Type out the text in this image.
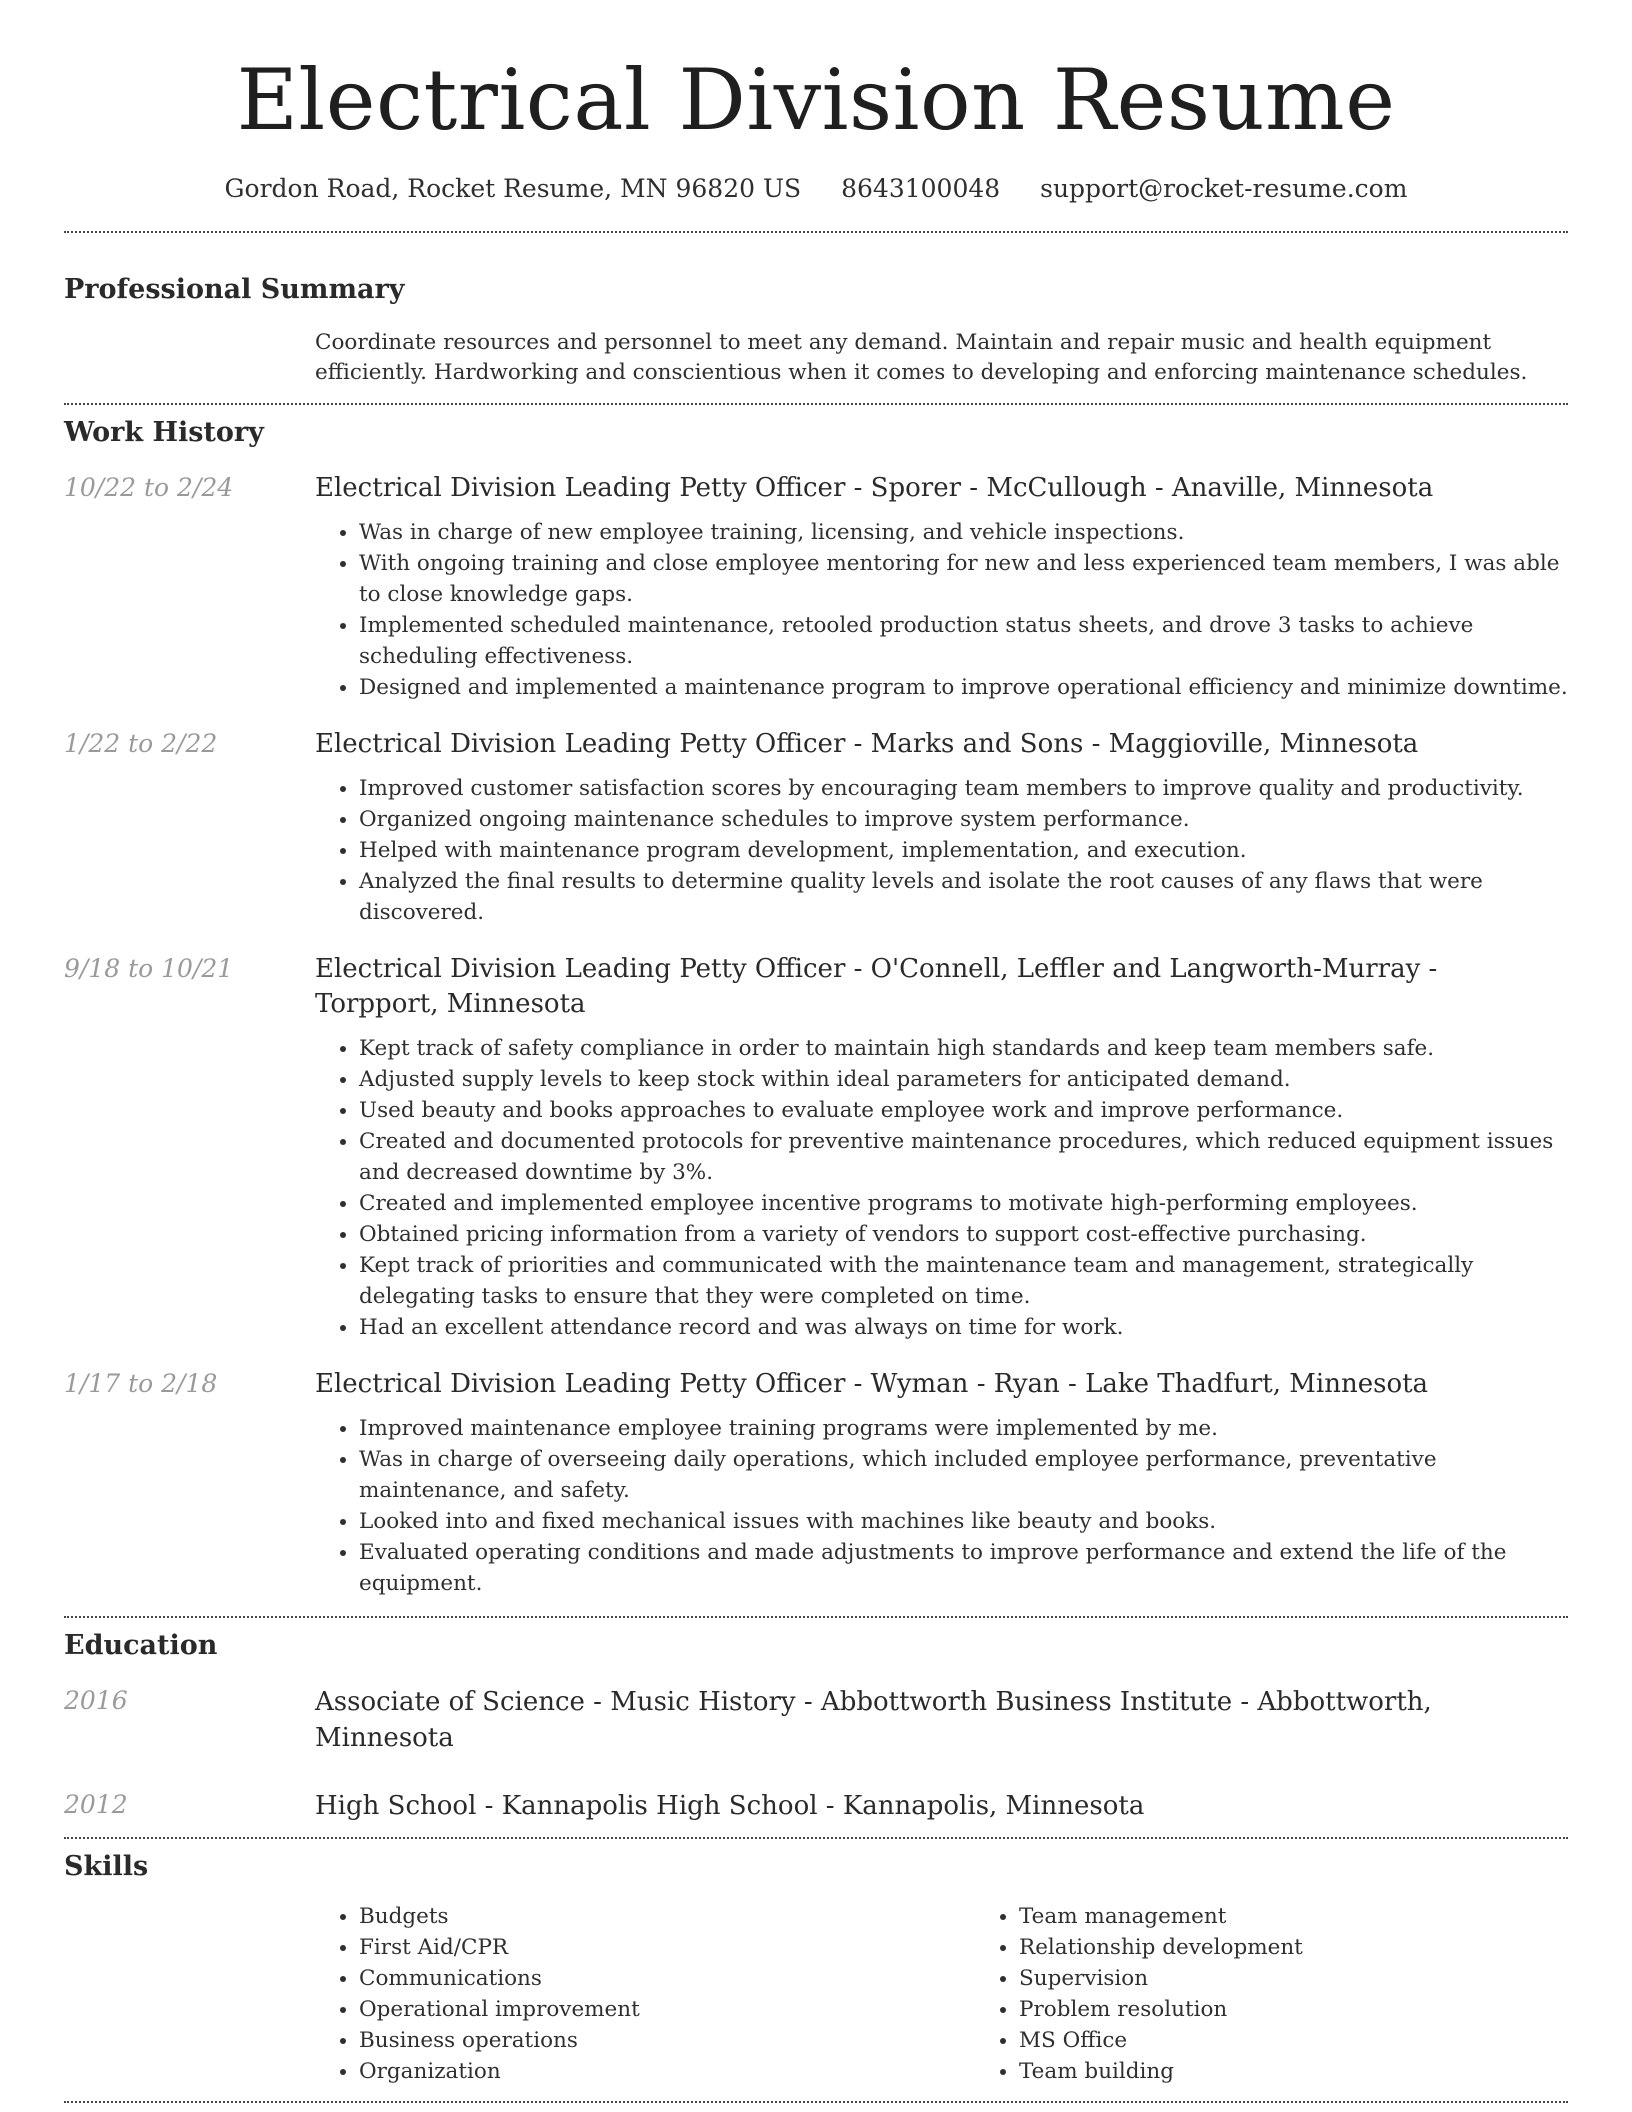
Electrical Division Resume
Gordon Road, Rocket Resume, MN 96820 US 8643100048 support@rocket-resume.com
Professional Summary
Coordinate resources and personnel to meet any demand. Maintain and repair music and health equipment efficiently. Hardworking and conscientious when it comes to developing and enforcing maintenance schedules.
Work History
10/22 to 2/24	Electrical Division Leading Petty Officer - Sporer - McCullough - Anaville, Minnesota
• Was in charge of new employee training, licensing, and vehicle inspections.
• With ongoing training and close employee mentoring for new and less experienced team members, I was able to close knowledge gaps.
• Implemented scheduled maintenance, retooled production status sheets, and drove 3 tasks to achieve scheduling effectiveness.
• Designed and implemented a maintenance program to improve operational efficiency and minimize downtime.
1/22 to 2/22	Electrical Division Leading Petty Officer - Marks and Sons - Maggioville, Minnesota
• Improved customer satisfaction scores by encouraging team members to improve quality and productivity.
• Organized ongoing maintenance schedules to improve system performance.
• Helped with maintenance program development, implementation, and execution.
• Analyzed the final results to determine quality levels and isolate the root causes of any flaws that were discovered.
9/18 to 10/21	Electrical Division Leading Petty Officer - O'Connell, Leffler and Langworth-Murray - Torpport, Minnesota
• Kept track of safety compliance in order to maintain high standards and keep team members safe.
• Adjusted supply levels to keep stock within ideal parameters for anticipated demand.
• Used beauty and books approaches to evaluate employee work and improve performance.
• Created and documented protocols for preventive maintenance procedures, which reduced equipment issues and decreased downtime by 3%.
• Created and implemented employee incentive programs to motivate high-performing employees.
• Obtained pricing information from a variety of vendors to support cost-effective purchasing.
• Kept track of priorities and communicated with the maintenance team and management, strategically delegating tasks to ensure that they were completed on time.
• Had an excellent attendance record and was always on time for work.
1/17 to 2/18	Electrical Division Leading Petty Officer - Wyman - Ryan - Lake Thadfurt, Minnesota
• Improved maintenance employee training programs were implemented by me.
• Was in charge of overseeing daily operations, which included employee performance, preventative maintenance, and safety.
• Looked into and fixed mechanical issues with machines like beauty and books.
• Evaluated operating conditions and made adjustments to improve performance and extend the life of the equipment.
Education
2016	Associate of Science - Music History - Abbottworth Business Institute - Abbottworth, Minnesota
2012	High School - Kannapolis High School - Kannapolis, Minnesota
Skills
• Budgets
• First Aid/CPR
• Communications
• Operational improvement
• Business operations
• Organization
• Team management
• Relationship development
• Supervision
• Problem resolution
• MS Office
• Team building
